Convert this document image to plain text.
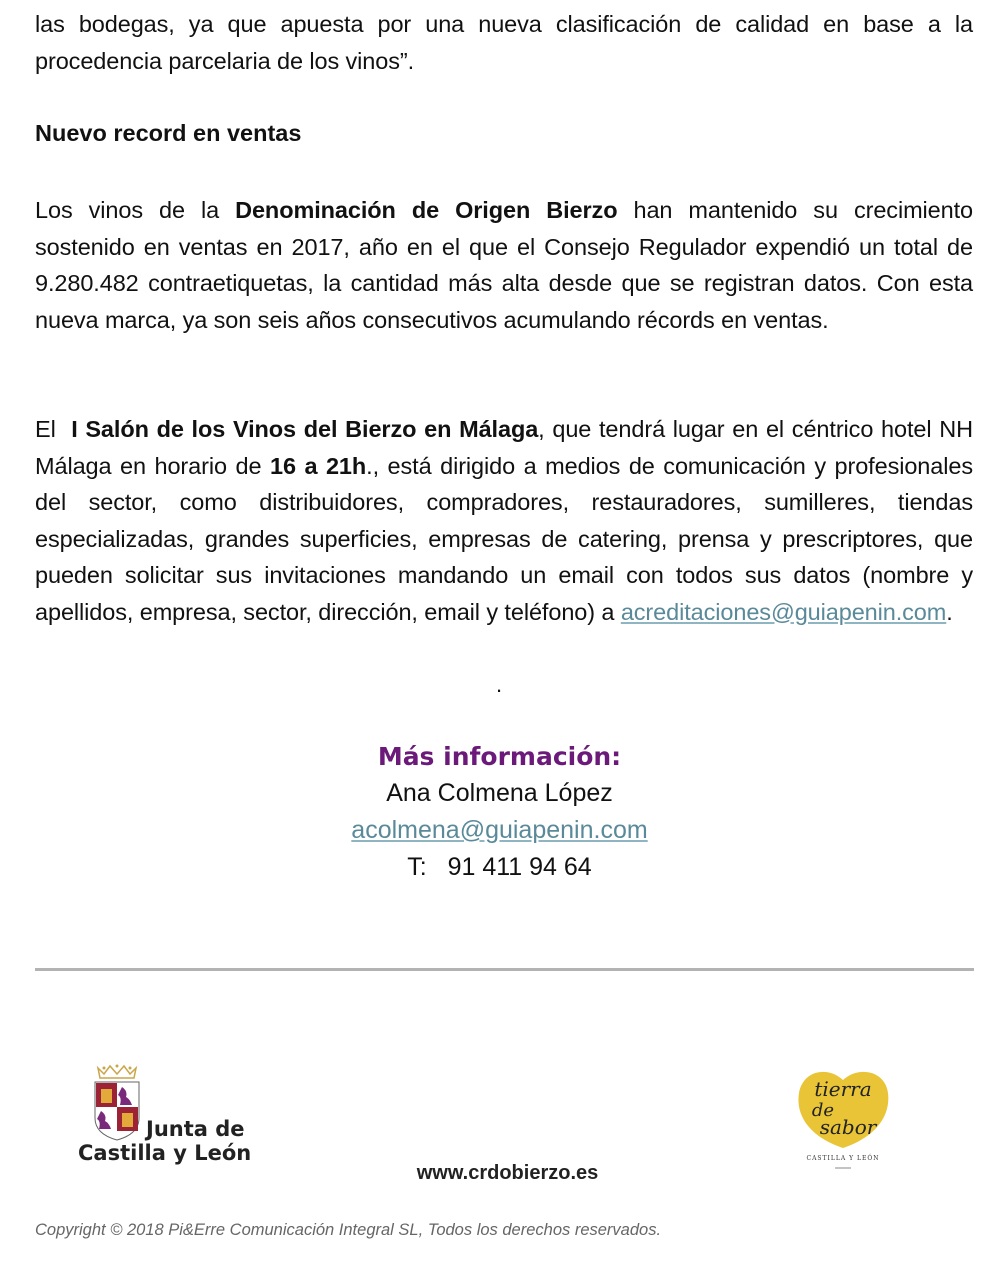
las bodegas, ya que apuesta por una nueva clasificación de calidad en base a la procedencia parcelaria de los vinos”.
Nuevo record en ventas
Los vinos de la Denominación de Origen Bierzo han mantenido su crecimiento sostenido en ventas en 2017, año en el que el Consejo Regulador expendió un total de 9.280.482 contraetiquetas, la cantidad más alta desde que se registran datos. Con esta nueva marca, ya son seis años consecutivos acumulando récords en ventas.
El  I Salón de los Vinos del Bierzo en Málaga, que tendrá lugar en el céntrico hotel NH Málaga en horario de 16 a 21h., está dirigido a medios de comunicación y profesionales del sector, como distribuidores, compradores, restauradores, sumilleres, tiendas especializadas, grandes superficies, empresas de catering, prensa y prescriptores, que pueden solicitar sus invitaciones mandando un email con todos sus datos (nombre y apellidos, empresa, sector, dirección, email y teléfono) a acreditaciones@guiapenin.com.
.
Más información:
Ana Colmena López
acolmena@guiapenin.com
T:   91 411 94 64
Junta de
Castilla y León
www.crdobierzo.es
tierra
de
sabor
CASTILLA Y LEÓN
Copyright © 2018 Pi&Erre Comunicación Integral SL, Todos los derechos reservados.
